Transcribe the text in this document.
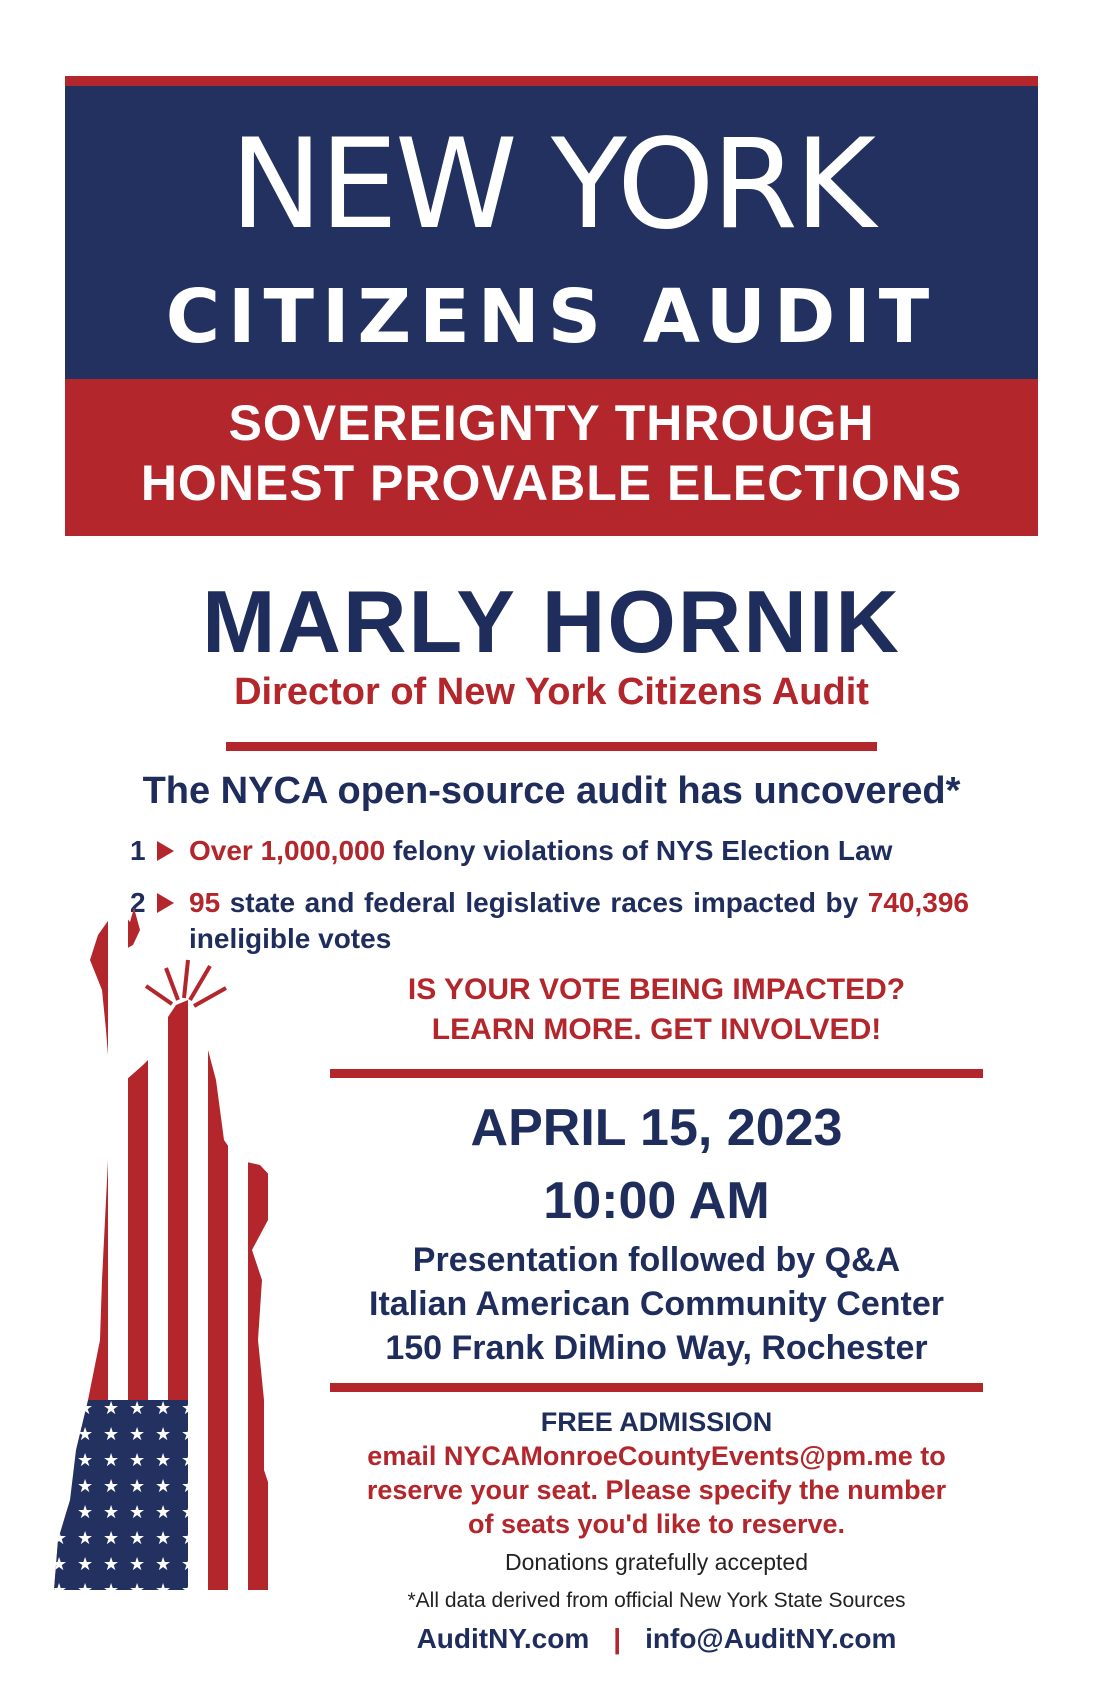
NEW YORK
CITIZENS AUDIT
SOVEREIGNTY THROUGH
HONEST PROVABLE ELECTIONS
MARLY HORNIK
Director of New York Citizens Audit
The NYCA open-source audit has uncovered*
1 Over 1,000,000 felony violations of NYS Election Law
2 95 state and federal legislative races impacted by 740,396 ineligible votes
IS YOUR VOTE BEING IMPACTED?
LEARN MORE. GET INVOLVED!
APRIL 15, 2023
10:00 AM
Presentation followed by Q&A
Italian American Community Center
150 Frank DiMino Way, Rochester
FREE ADMISSION
email NYCAMonroeCountyEvents@pm.me to
reserve your seat. Please specify the number
of seats you'd like to reserve.
Donations gratefully accepted
*All data derived from official New York State Sources
AuditNY.com | info@AuditNY.com
